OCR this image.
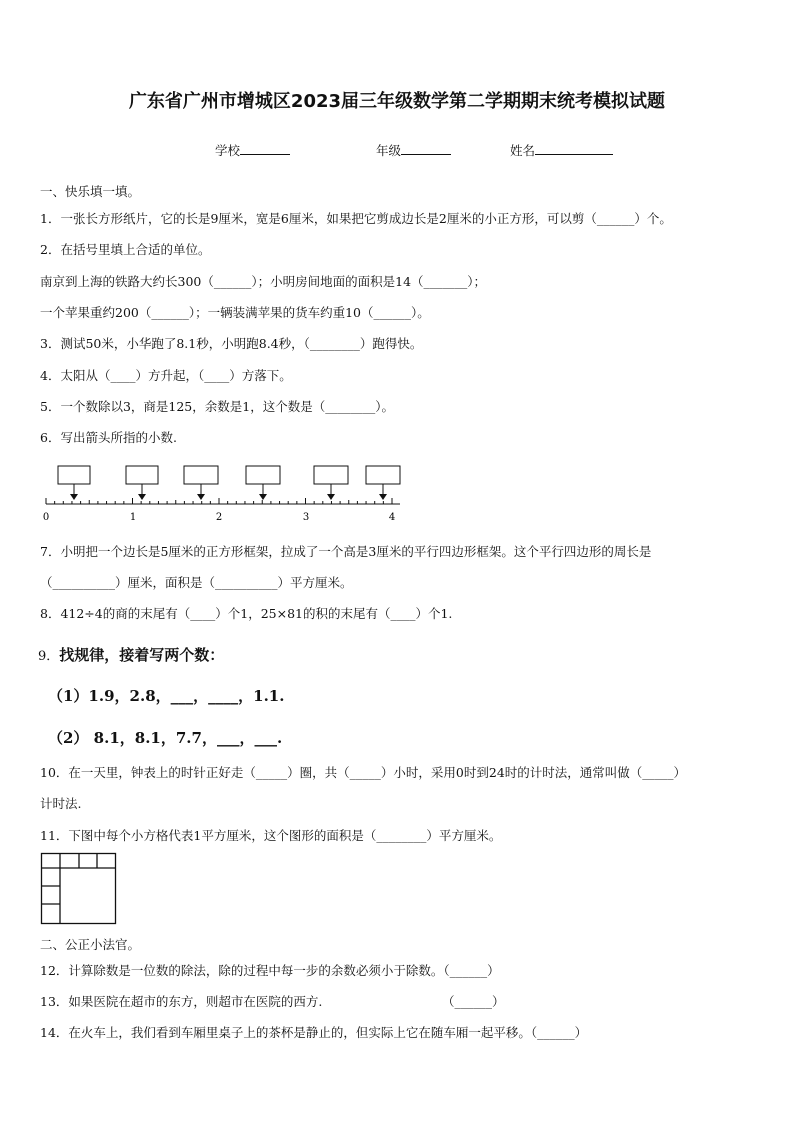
广东省广州市增城区2023届三年级数学第二学期期末统考模拟试题
学校	年级	姓名
一、快乐填一填。
1．一张长方形纸片，它的长是9厘米，宽是6厘米，如果把它剪成边长是2厘米的小正方形，可以剪（______）个。
2．在括号里填上合适的单位。
南京到上海的铁路大约长300（______）；小明房间地面的面积是14（_______）；
一个苹果重约200（______）；一辆装满苹果的货车约重10（______）。
3．测试50米，小华跑了8.1秒，小明跑8.4秒，（________）跑得快。
4．太阳从（____）方升起，（____）方落下。
5．一个数除以3，商是125，余数是1，这个数是（________）。
6．写出箭头所指的小数.
0	1	2	3	4
7．小明把一个边长是5厘米的正方形框架，拉成了一个高是3厘米的平行四边形框架。这个平行四边形的周长是
（__________）厘米，面积是（__________）平方厘米。
8．412÷4的商的末尾有（____）个1，25×81的积的末尾有（____）个1.
9．找规律，接着写两个数：
（1）1.9，2.8，___，____，1.1.
（2） 8.1，8.1，7.7，___，___.
10．在一天里，钟表上的时针正好走（_____）圈，共（_____）小时，采用0时到24时的计时法，通常叫做（_____）
计时法.
11．下图中每个小方格代表1平方厘米，这个图形的面积是（________）平方厘米。
二、公正小法官。
12．计算除数是一位数的除法，除的过程中每一步的余数必须小于除数。（______）
13．如果医院在超市的东方，则超市在医院的西方.	（______）
14．在火车上，我们看到车厢里桌子上的茶杯是静止的，但实际上它在随车厢一起平移。（______）
